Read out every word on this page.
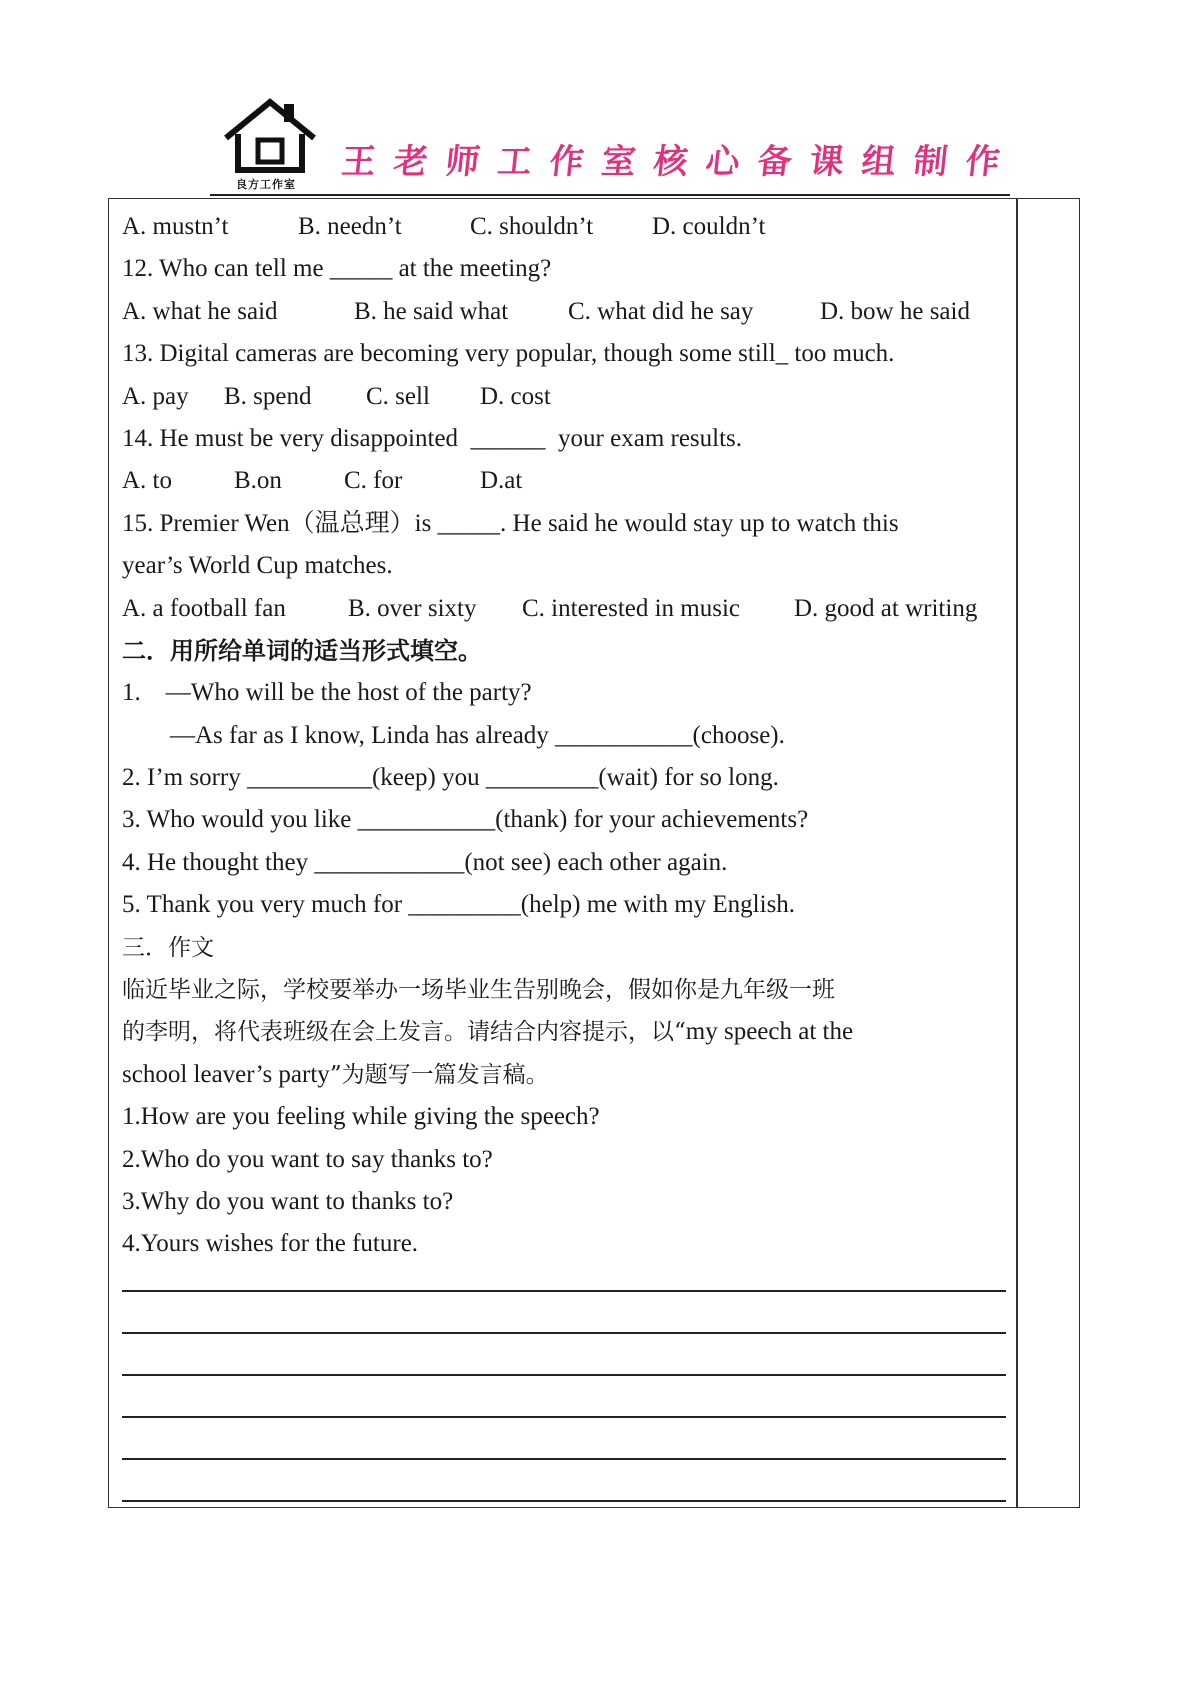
良方工作室
王老师工作室核心备课组制作
A. mustn’t	B. needn’t	C. shouldn’t D. couldn’t
12. Who can tell me _____ at the meeting?
A. what he said	B. he said what C. what did he say	D. bow he said
13. Digital cameras are becoming very popular, though some still_ too much.
A. pay B. spend C. sell D. cost
14. He must be very disappointed  ______  your exam results.
A. to B.on C. for	D.at
15. Premier Wen（温总理）is _____. He said he would stay up to watch this
year’s World Cup matches.
A. a football fan B. over sixty C. interested in music D. good at writing
二．用所给单词的适当形式填空。
1.    —Who will be the host of the party?
—As far as I know, Linda has already ___________(choose).
2. I’m sorry __________(keep) you _________(wait) for so long.
3. Who would you like ___________(thank) for your achievements?
4. He thought they ____________(not see) each other again.
5. Thank you very much for _________(help) me with my English.
三．作文
临近毕业之际，学校要举办一场毕业生告别晚会，假如你是九年级一班
的李明，将代表班级在会上发言。请结合内容提示，以“my speech at the
school leaver’s party”为题写一篇发言稿。
1.How are you feeling while giving the speech?
2.Who do you want to say thanks to?
3.Why do you want to thanks to?
4.Yours wishes for the future.
